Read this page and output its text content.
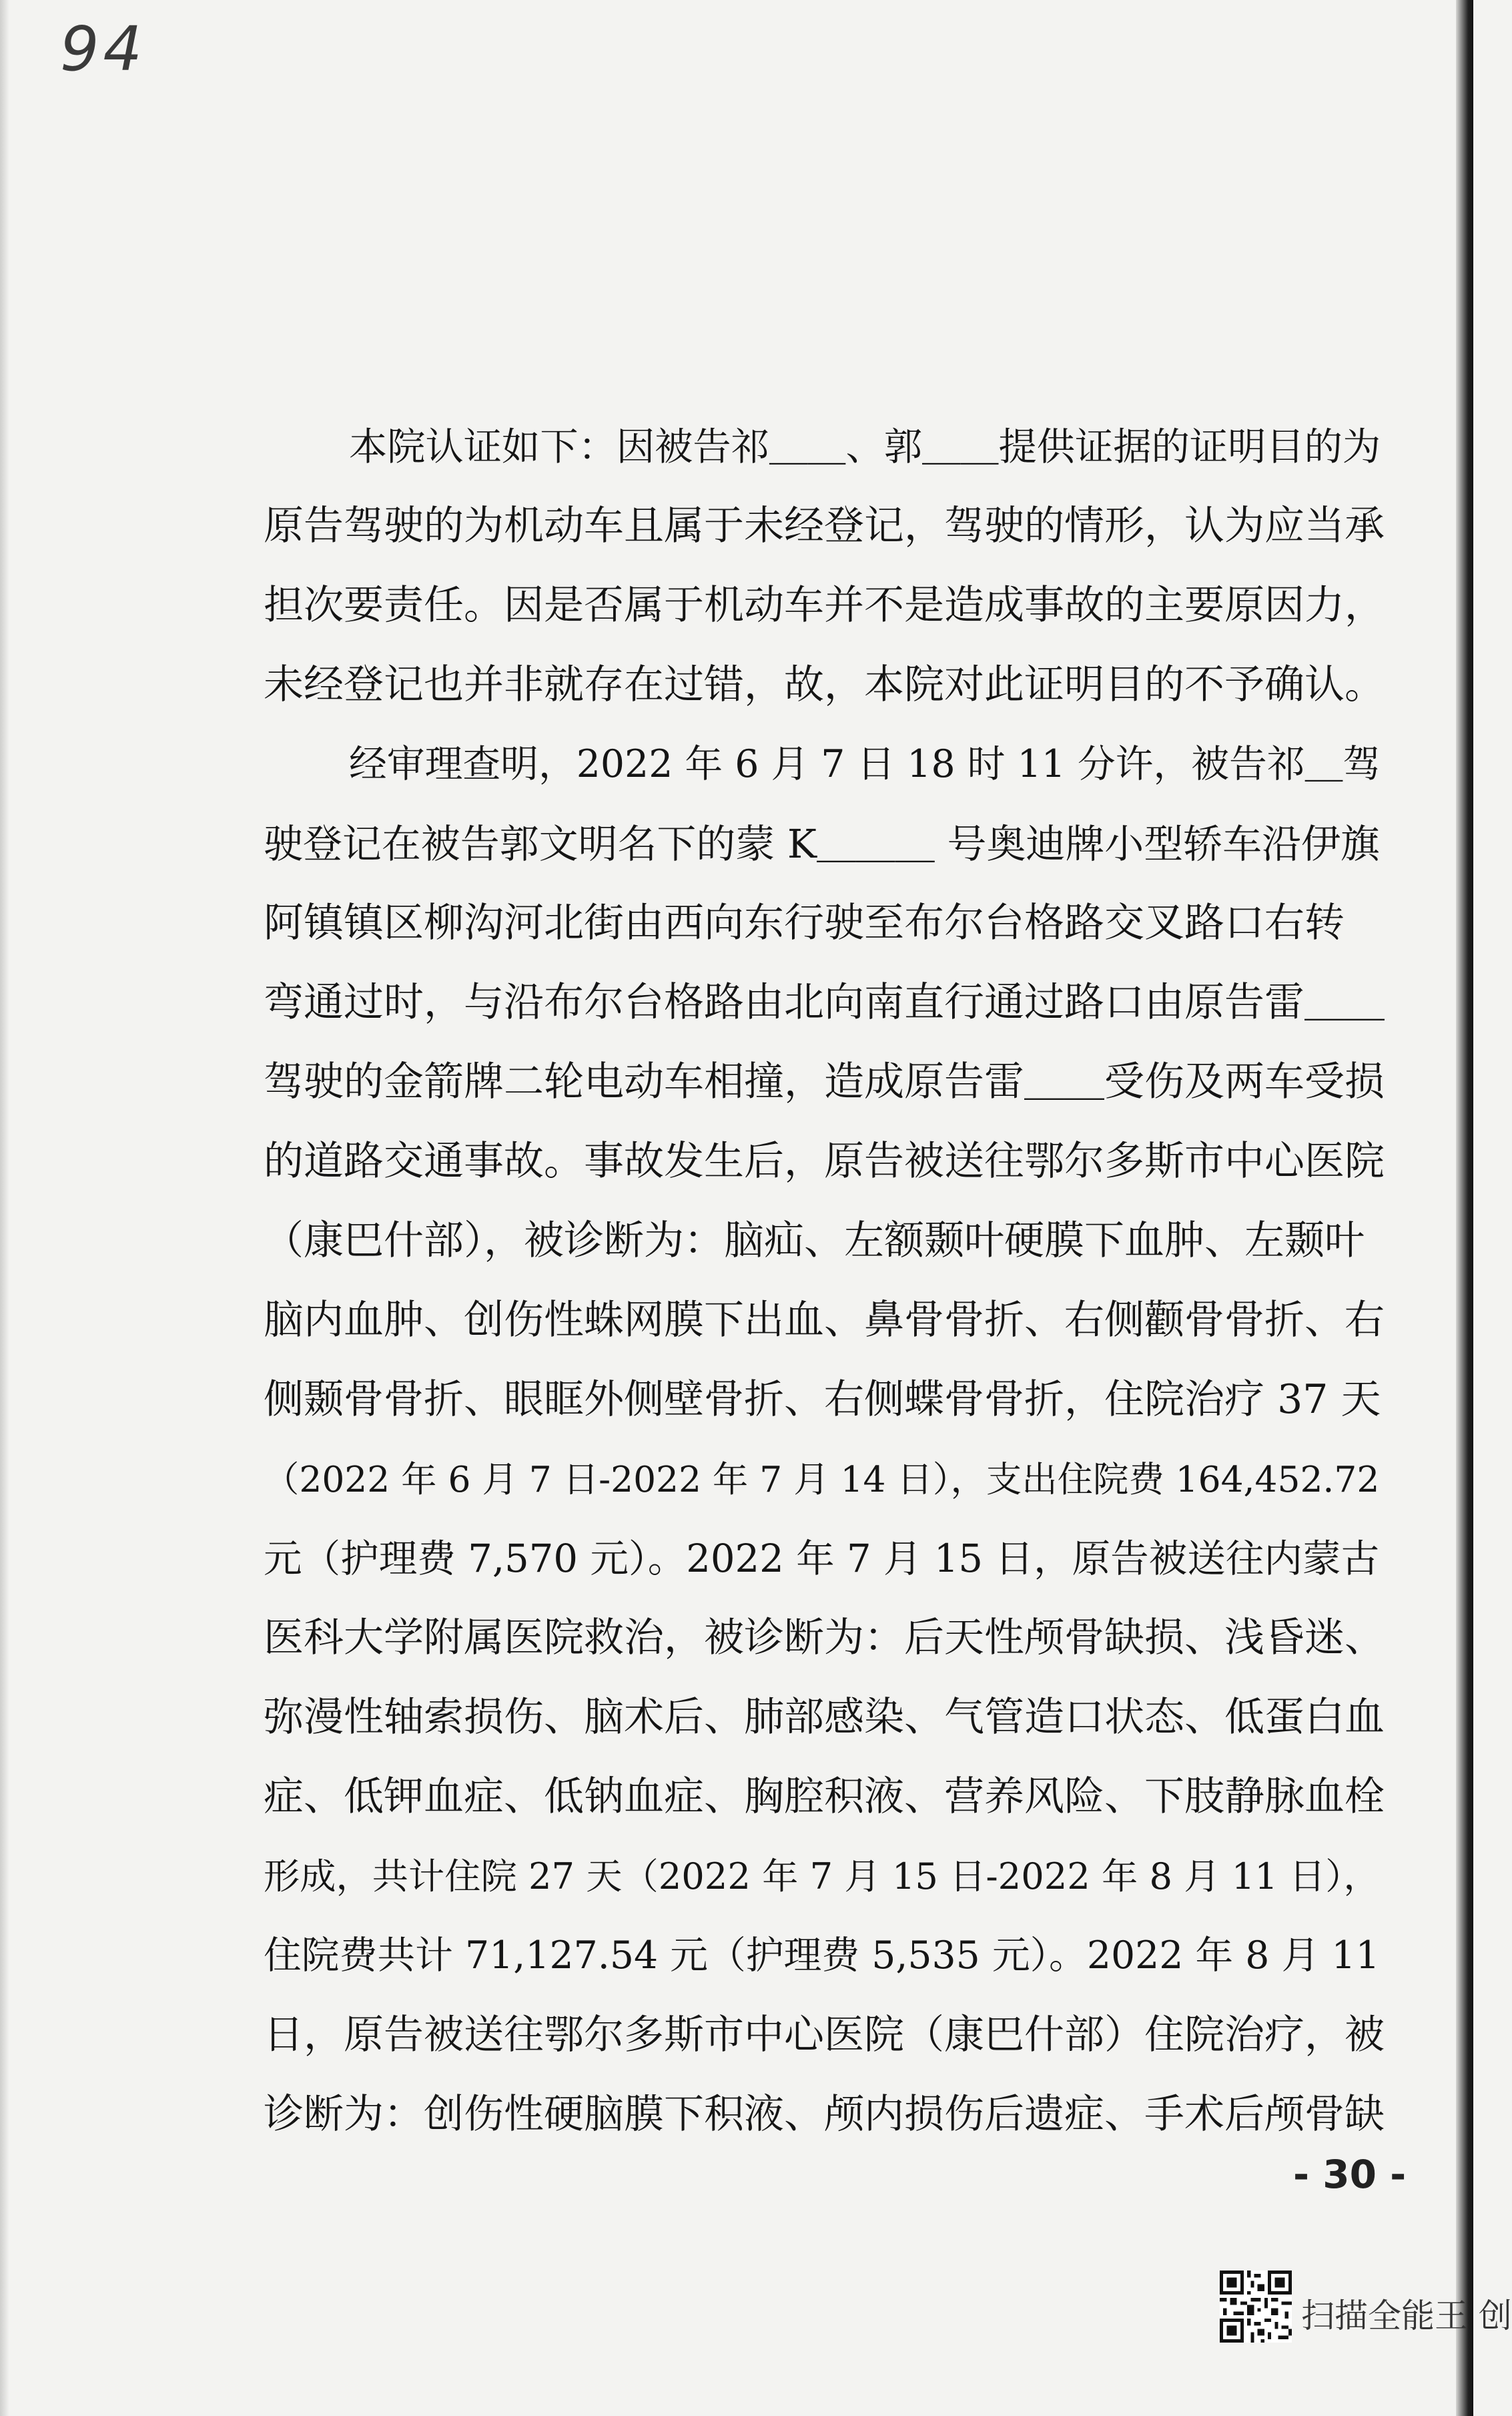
94
本院认证如下：因被告祁＿＿、郭＿＿提供证据的证明目的为
原告驾驶的为机动车且属于未经登记，驾驶的情形，认为应当承
担次要责任。因是否属于机动车并不是造成事故的主要原因力，
未经登记也并非就存在过错，故，本院对此证明目的不予确认。
经审理查明，2022 年 6 月 7 日 18 时 11 分许，被告祁＿驾
驶登记在被告郭文明名下的蒙 K＿＿＿ 号奥迪牌小型轿车沿伊旗
阿镇镇区柳沟河北街由西向东行驶至布尔台格路交叉路口右转
弯通过时，与沿布尔台格路由北向南直行通过路口由原告雷＿＿
驾驶的金箭牌二轮电动车相撞，造成原告雷＿＿受伤及两车受损
的道路交通事故。事故发生后，原告被送往鄂尔多斯市中心医院
（康巴什部），被诊断为：脑疝、左额颞叶硬膜下血肿、左颞叶
脑内血肿、创伤性蛛网膜下出血、鼻骨骨折、右侧颧骨骨折、右
侧颞骨骨折、眼眶外侧壁骨折、右侧蝶骨骨折，住院治疗 37 天
（2022 年 6 月 7 日-2022 年 7 月 14 日），支出住院费 164,452.72
元（护理费 7,570 元）。2022 年 7 月 15 日，原告被送往内蒙古
医科大学附属医院救治，被诊断为：后天性颅骨缺损、浅昏迷、
弥漫性轴索损伤、脑术后、肺部感染、气管造口状态、低蛋白血
症、低钾血症、低钠血症、胸腔积液、营养风险、下肢静脉血栓
形成，共计住院 27 天（2022 年 7 月 15 日-2022 年 8 月 11 日），
住院费共计 71,127.54 元（护理费 5,535 元）。2022 年 8 月 11
日，原告被送往鄂尔多斯市中心医院（康巴什部）住院治疗，被
诊断为：创伤性硬脑膜下积液、颅内损伤后遗症、手术后颅骨缺
- 30 -
扫描全能王 创
